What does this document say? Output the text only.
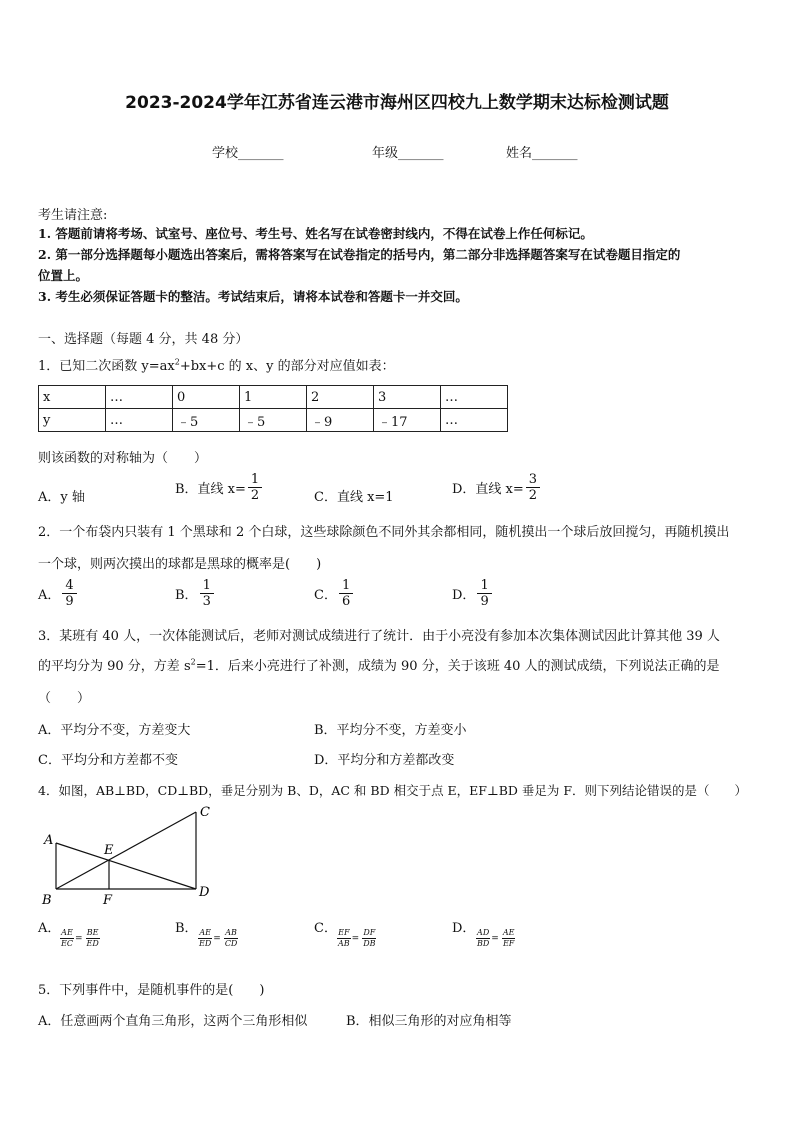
2023-2024学年江苏省连云港市海州区四校九上数学期末达标检测试题
学校_______	年级_______	姓名_______
考生请注意:
1. 答题前请将考场、试室号、座位号、考生号、姓名写在试卷密封线内，不得在试卷上作任何标记。
2. 第一部分选择题每小题选出答案后，需将答案写在试卷指定的括号内，第二部分非选择题答案写在试卷题目指定的
位置上。
3. 考生必须保证答题卡的整洁。考试结束后，请将本试卷和答题卡一并交回。
一、选择题（每题 4 分，共 48 分）
1．已知二次函数 $y=ax^2+bx+c$ 的 x、y 的部分对应值如表：
x	…	0	1	2	3	…
y	…	﹣5	﹣5	﹣9	﹣17	…
则该函数的对称轴为（　　）
A．y 轴
B．直线 $x= \frac{1}{2}$	C．直线 x=1
D．直线 $x= \frac{3}{2}$
2．一个布袋内只装有 1 个黑球和 2 个白球，这些球除颜色不同外其余都相同，随机摸出一个球后放回搅匀，再随机摸出
一个球，则两次摸出的球都是黑球的概率是(　　)
A． $\frac{4}{9}$	B． $\frac{1}{3}$	C． $\frac{1}{6}$	D． $\frac{1}{9}$
3．某班有 40 人，一次体能测试后，老师对测试成绩进行了统计．由于小亮没有参加本次集体测试因此计算其他 39 人
的平均分为 90 分，方差 $s^2=1$．后来小亮进行了补测，成绩为 90 分，关于该班 40 人的测试成绩，下列说法正确的是
（　　）
A．平均分不变，方差变大	B．平均分不变，方差变小
C．平均分和方差都不变	D．平均分和方差都改变
4．如图，AB⊥BD，CD⊥BD，垂足分别为 B、D，AC 和 BD 相交于点 E，EF⊥BD 垂足为 F．则下列结论错误的是（　　）
A
B
C
D
E
F
A． $\frac{AE}{EC} = \frac{BE}{ED}$	B． $\frac{AE}{ED} = \frac{AB}{CD}$	C． $\frac{EF}{AB} = \frac{DF}{DB}$	D． $\frac{AD}{BD} = \frac{AE}{EF}$
5．下列事件中，是随机事件的是(　　)
A．任意画两个直角三角形，这两个三角形相似	B．相似三角形的对应角相等
